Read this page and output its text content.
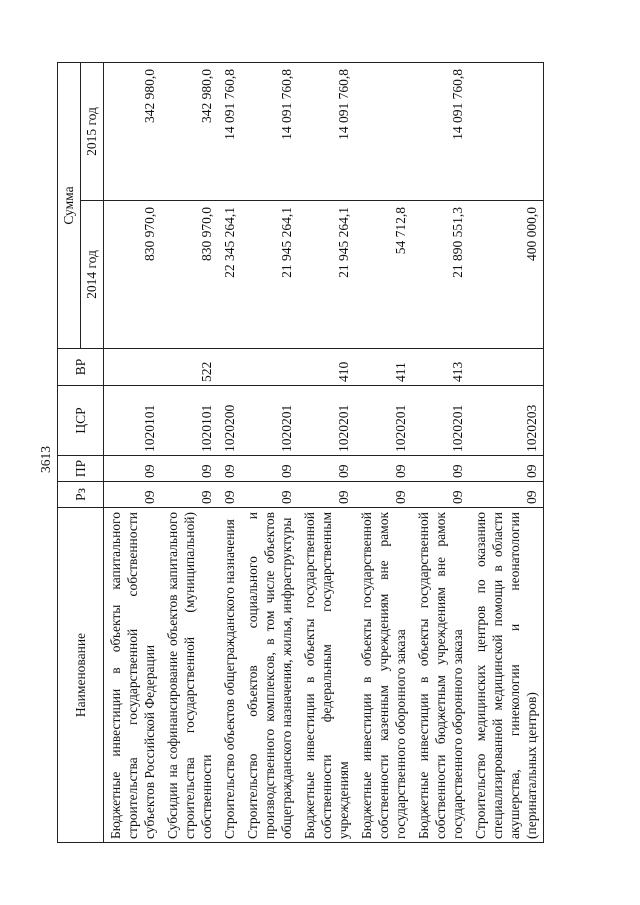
3613
Наименование	Рз	ПР	ЦСР	ВР	Сумма	
					2014 год	2015 год
Бюджетные инвестиции в объекты капитального строительства государственной собственности субъектов Российской Федерации	09	09	1020101		830 970,0	342 980,0
Субсидии на софинансирование объектов капитального строительства государственной (муниципальной) собственности	09	09	1020101	522	830 970,0	342 980,0
Строительство объектов общегражданского назначения	09	09	1020200		22 345 264,1	14 091 760,8
Строительство объектов социального и производственного комплексов, в том числе объектов общегражданского назначения, жилья, инфраструктуры	09	09	1020201		21 945 264,1	14 091 760,8
Бюджетные инвестиции в объекты государственной собственности федеральным государственным учреждениям	09	09	1020201	410	21 945 264,1	14 091 760,8
Бюджетные инвестиции в объекты государственной собственности казенным учреждениям вне рамок государственного оборонного заказа	09	09	1020201	411	54 712,8	
Бюджетные инвестиции в объекты государственной собственности бюджетным учреждениям вне рамок государственного оборонного заказа	09	09	1020201	413	21 890 551,3	14 091 760,8
Строительство медицинских центров по оказанию специализированной медицинской помощи в области акушерства, гинекологии и неонатологии (перинатальных центров)	09	09	1020203		400 000,0	
